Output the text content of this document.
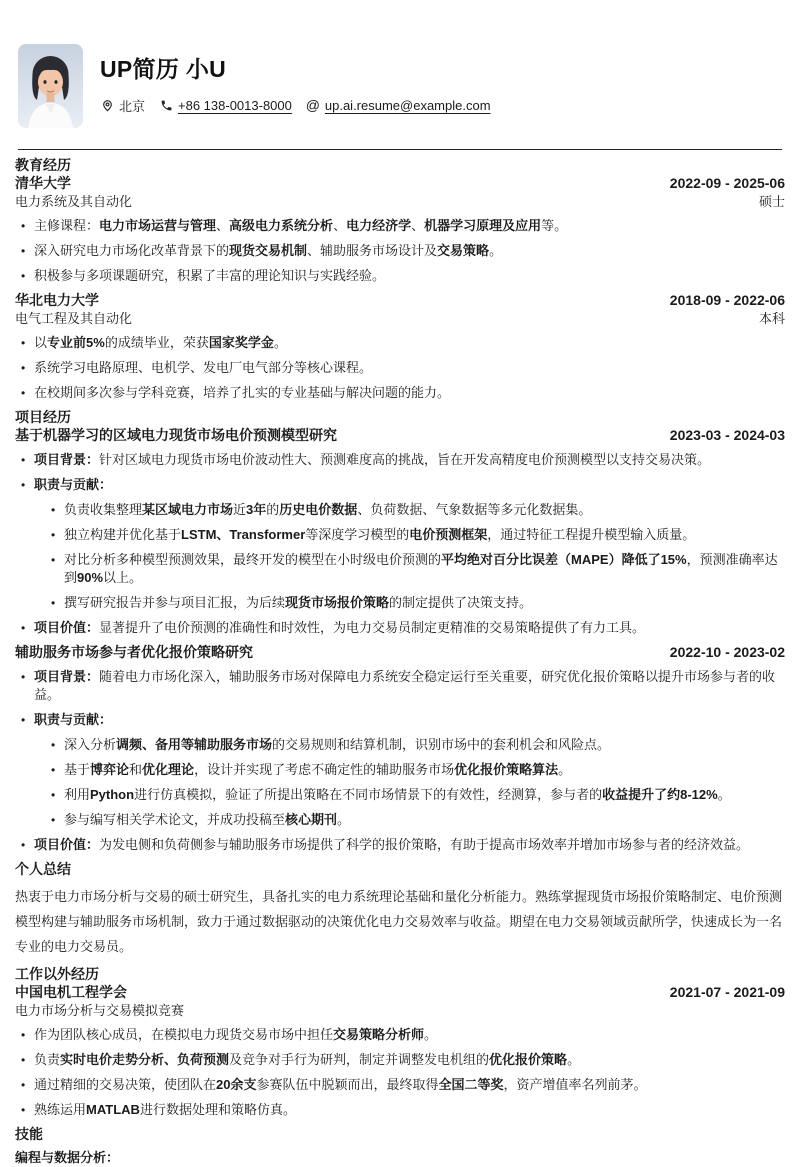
UP简历 小U
北京	+86 138-0013-8000 @ up.ai.resume@example.com
教育经历
清华大学	2022-09 - 2025-06
电力系统及其自动化	硕士
• 主修课程：电力市场运营与管理、高级电力系统分析、电力经济学、机器学习原理及应用等。
• 深入研究电力市场化改革背景下的现货交易机制、辅助服务市场设计及交易策略。
• 积极参与多项课题研究，积累了丰富的理论知识与实践经验。
华北电力大学	2018-09 - 2022-06
电气工程及其自动化	本科
• 以专业前5%的成绩毕业，荣获国家奖学金。
• 系统学习电路原理、电机学、发电厂电气部分等核心课程。
• 在校期间多次参与学科竞赛，培养了扎实的专业基础与解决问题的能力。
项目经历
基于机器学习的区域电力现货市场电价预测模型研究	2023-03 - 2024-03
• 项目背景：针对区域电力现货市场电价波动性大、预测难度高的挑战，旨在开发高精度电价预测模型以支持交易决策。
• 职责与贡献：
• 负责收集整理某区域电力市场近3年的历史电价数据、负荷数据、气象数据等多元化数据集。
• 独立构建并优化基于LSTM、Transformer等深度学习模型的电价预测框架，通过特征工程提升模型输入质量。
• 对比分析多种模型预测效果，最终开发的模型在小时级电价预测的平均绝对百分比误差（MAPE）降低了15%，预测准确率达到90%以上。
• 撰写研究报告并参与项目汇报，为后续现货市场报价策略的制定提供了决策支持。
• 项目价值：显著提升了电价预测的准确性和时效性，为电力交易员制定更精准的交易策略提供了有力工具。
辅助服务市场参与者优化报价策略研究	2022-10 - 2023-02
• 项目背景：随着电力市场化深入，辅助服务市场对保障电力系统安全稳定运行至关重要，研究优化报价策略以提升市场参与者的收益。
• 职责与贡献：
• 深入分析调频、备用等辅助服务市场的交易规则和结算机制，识别市场中的套利机会和风险点。
• 基于博弈论和优化理论，设计并实现了考虑不确定性的辅助服务市场优化报价策略算法。
• 利用Python进行仿真模拟，验证了所提出策略在不同市场情景下的有效性，经测算，参与者的收益提升了约8-12%。
• 参与编写相关学术论文，并成功投稿至核心期刊。
• 项目价值：为发电侧和负荷侧参与辅助服务市场提供了科学的报价策略，有助于提高市场效率并增加市场参与者的经济效益。
个人总结

热衷于电力市场分析与交易的硕士研究生，具备扎实的电力系统理论基础和量化分析能力。熟练掌握现货市场报价策略制定、电价预测模型构建与辅助服务市场机制，致力于通过数据驱动的决策优化电力交易效率与收益。期望在电力交易领域贡献所学，快速成长为一名专业的电力交易员。

工作以外经历
中国电机工程学会	2021-07 - 2021-09
电力市场分析与交易模拟竞赛
• 作为团队核心成员，在模拟电力现货交易市场中担任交易策略分析师。
• 负责实时电价走势分析、负荷预测及竞争对手行为研判，制定并调整发电机组的优化报价策略。
• 通过精细的交易决策，使团队在20余支参赛队伍中脱颖而出，最终取得全国二等奖，资产增值率名列前茅。
• 熟练运用MATLAB进行数据处理和策略仿真。
技能
编程与数据分析：
